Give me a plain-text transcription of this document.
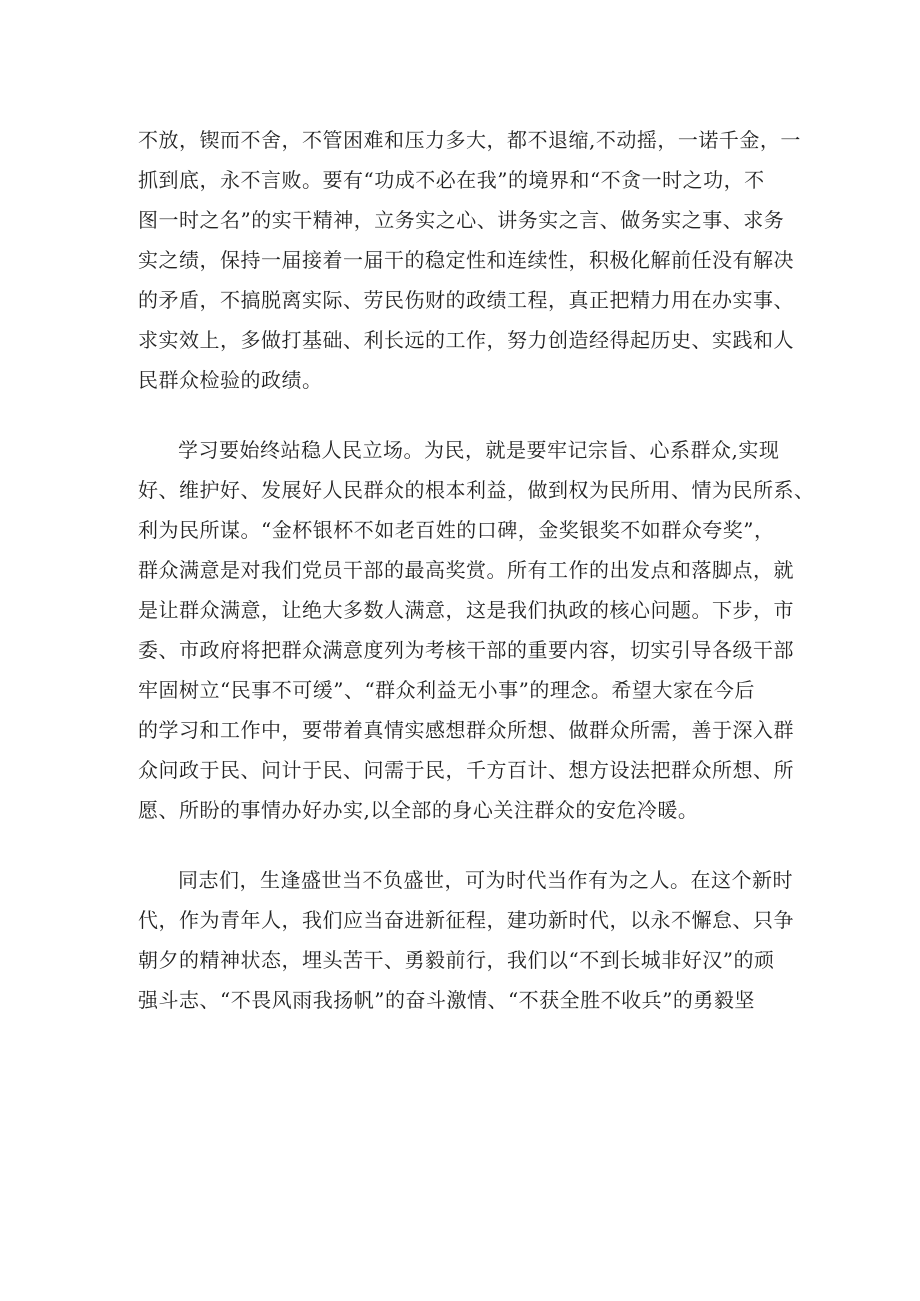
不放，锲而不舍，不管困难和压力多大，都不退缩,不动摇，一诺千金，一
抓到底，永不言败。要有“功成不必在我”的境界和“不贪一时之功，不
图一时之名”的实干精神，立务实之心、讲务实之言、做务实之事、求务
实之绩，保持一届接着一届干的稳定性和连续性，积极化解前任没有解决
的矛盾，不搞脱离实际、劳民伤财的政绩工程，真正把精力用在办实事、
求实效上，多做打基础、利长远的工作，努力创造经得起历史、实践和人
民群众检验的政绩。

学习要始终站稳人民立场。为民，就是要牢记宗旨、心系群众,实现
好、维护好、发展好人民群众的根本利益，做到权为民所用、情为民所系、
利为民所谋。“金杯银杯不如老百姓的口碑，金奖银奖不如群众夸奖”，
群众满意是对我们党员干部的最高奖赏。所有工作的出发点和落脚点，就
是让群众满意，让绝大多数人满意，这是我们执政的核心问题。下步，市
委、市政府将把群众满意度列为考核干部的重要内容，切实引导各级干部
牢固树立“民事不可缓”、“群众利益无小事”的理念。希望大家在今后
的学习和工作中，要带着真情实感想群众所想、做群众所需，善于深入群
众问政于民、问计于民、问需于民，千方百计、想方设法把群众所想、所
愿、所盼的事情办好办实,以全部的身心关注群众的安危冷暖。

同志们，生逢盛世当不负盛世，可为时代当作有为之人。在这个新时
代，作为青年人，我们应当奋进新征程，建功新时代，以永不懈怠、只争
朝夕的精神状态，埋头苦干、勇毅前行，我们以“不到长城非好汉”的顽
强斗志、“不畏风雨我扬帆”的奋斗激情、“不获全胜不收兵”的勇毅坚
